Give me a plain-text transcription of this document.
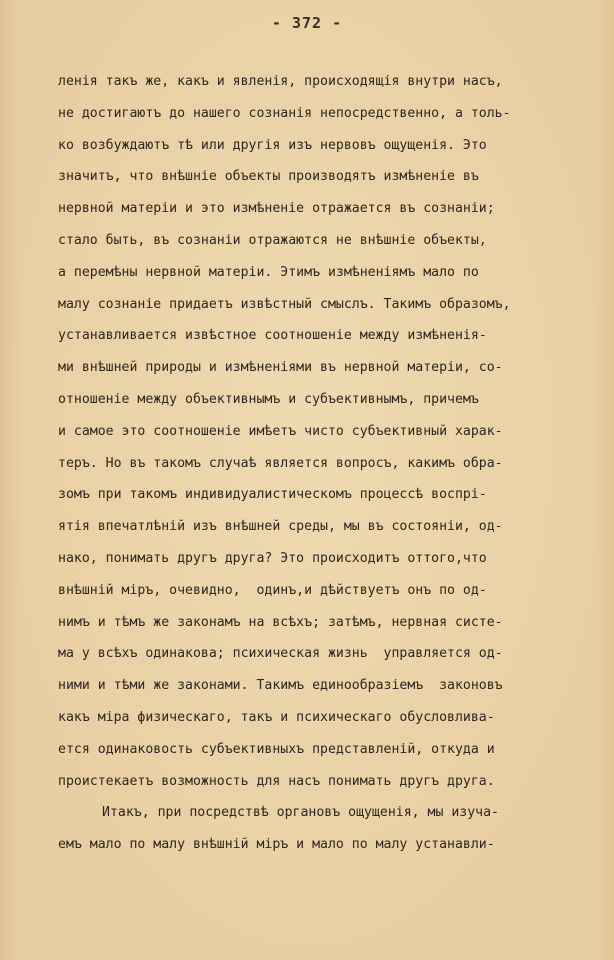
- 372 -
ленія такъ же, какъ и явленія, происходящія внутри насъ,
не достигаютъ до нашего сознанія непосредственно, а толь-
ко возбуждаютъ тѣ или другія изъ нервовъ ощущенія. Это
значитъ, что внѣшніе объекты производятъ измѣненіе въ
нервной матеріи и это измѣненіе отражается въ сознаніи;
стало быть, въ сознаніи отражаются не внѣшніе объекты,
а перемѣны нервной матеріи. Этимъ измѣненіямъ мало по
малу сознаніе придаетъ извѣстный смыслъ. Такимъ образомъ,
устанавливается извѣстное соотношеніе между измѣненія-
ми внѣшней природы и измѣненіями въ нервной матеріи, со-
отношеніе между объективнымъ и субъективнымъ, причемъ
и самое это соотношеніе имѣетъ чисто субъективный харак-
теръ. Но въ такомъ случаѣ является вопросъ, какимъ обра-
зомъ при такомъ индивидуалистическомъ процессѣ воспрі-
ятія впечатлѣній изъ внѣшней среды, мы въ состояніи, од-
нако, понимать другъ друга? Это происходитъ оттого,что
внѣшній міръ, очевидно,  одинъ,и дѣйствуетъ онъ по од-
нимъ и тѣмъ же законамъ на всѣхъ; затѣмъ, нервная систе-
ма у всѣхъ одинакова; психическая жизнь  управляется од-
ними и тѣми же законами. Такимъ единообразіемъ  законовъ
какъ міра физическаго, такъ и психическаго обусловлива-
ется одинаковость субъективныхъ представленій, откуда и
проистекаетъ возможность для насъ понимать другъ друга.
Итакъ, при посредствѣ органовъ ощущенія, мы изуча-
емъ мало по малу внѣшній міръ и мало по малу устанавли-
